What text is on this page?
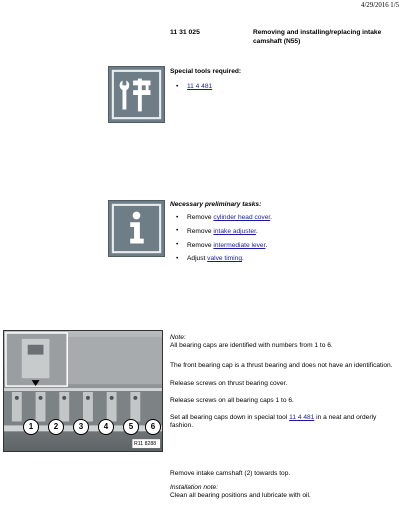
4/29/2016 1/5
11 31 025	Removing and installing/replacing intake camshaft (N55)
Special tools required:
• 11 4 481
Necessary preliminary tasks:
• Remove cylinder head cover.
• Remove intake adjuster.
• Remove intermediate lever.
• Adjust valve timing.
R11 8288
1	2	3	4	5	6
Note:

All bearing caps are identified with numbers from 1 to 6.

The front bearing cap is a thrust bearing and does not have an identification.

Release screws on thrust bearing cover.

Release screws on all bearing caps 1 to 6.

Set all bearing caps down in special tool 11 4 481 in a neat and orderly fashion.

Remove intake camshaft (2) towards top.

Installation note:

Clean all bearing positions and lubricate with oil.
